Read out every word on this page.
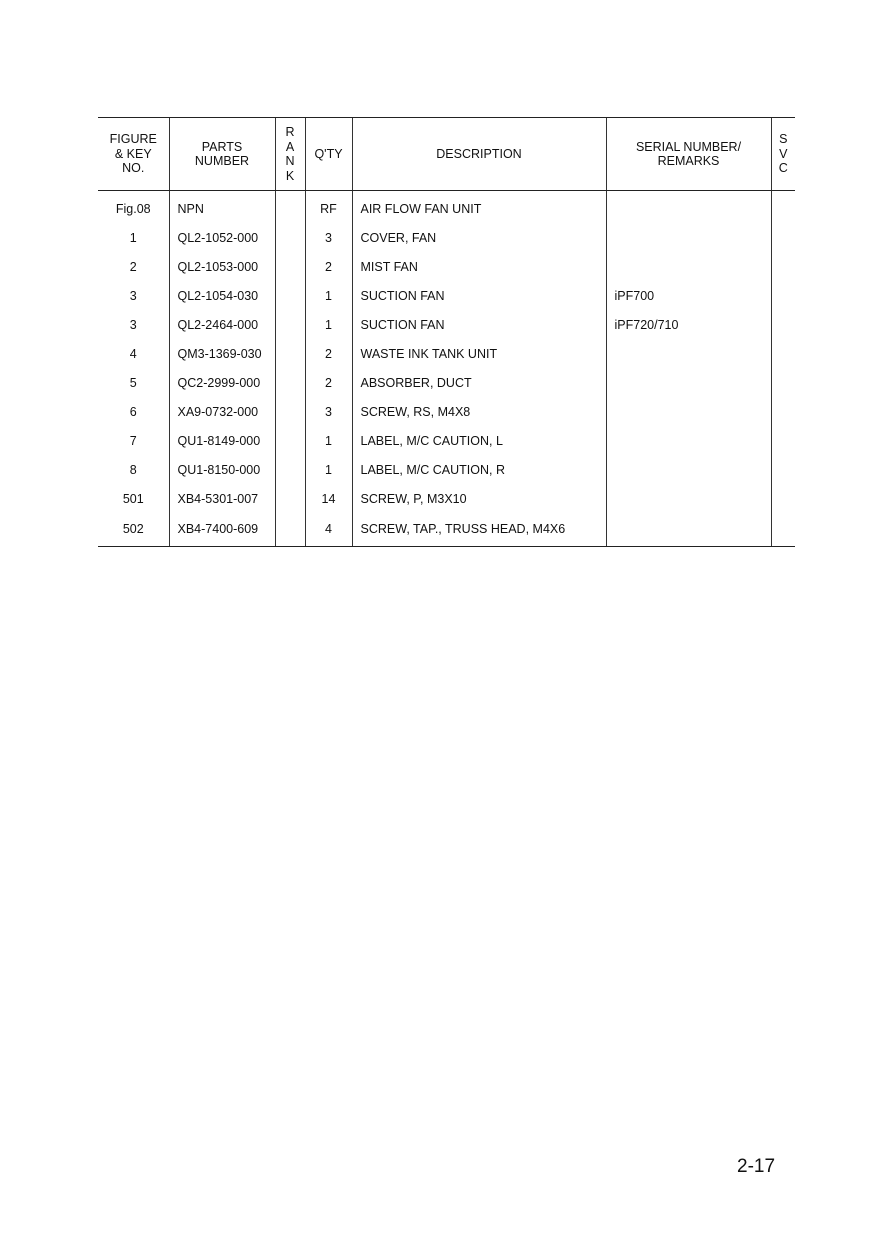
FIGURE
& KEY
NO.	PARTS
NUMBER	R
A
N
K	Q'TY	DESCRIPTION	SERIAL NUMBER/
REMARKS	S
V
C

Fig.08	NPN		RF	AIR FLOW FAN UNIT		
1	QL2-1052-000		3	COVER, FAN		
2	QL2-1053-000		2	MIST FAN		
3	QL2-1054-030		1	SUCTION FAN	iPF700	
3	QL2-2464-000		1	SUCTION FAN	iPF720/710	
4	QM3-1369-030		2	WASTE INK TANK UNIT		
5	QC2-2999-000		2	ABSORBER, DUCT		
6	XA9-0732-000		3	SCREW, RS, M4X8		
7	QU1-8149-000		1	LABEL, M/C CAUTION, L		
8	QU1-8150-000		1	LABEL, M/C CAUTION, R		
501	XB4-5301-007		14	SCREW, P, M3X10		
502	XB4-7400-609		4	SCREW, TAP., TRUSS HEAD, M4X6		
2-17
